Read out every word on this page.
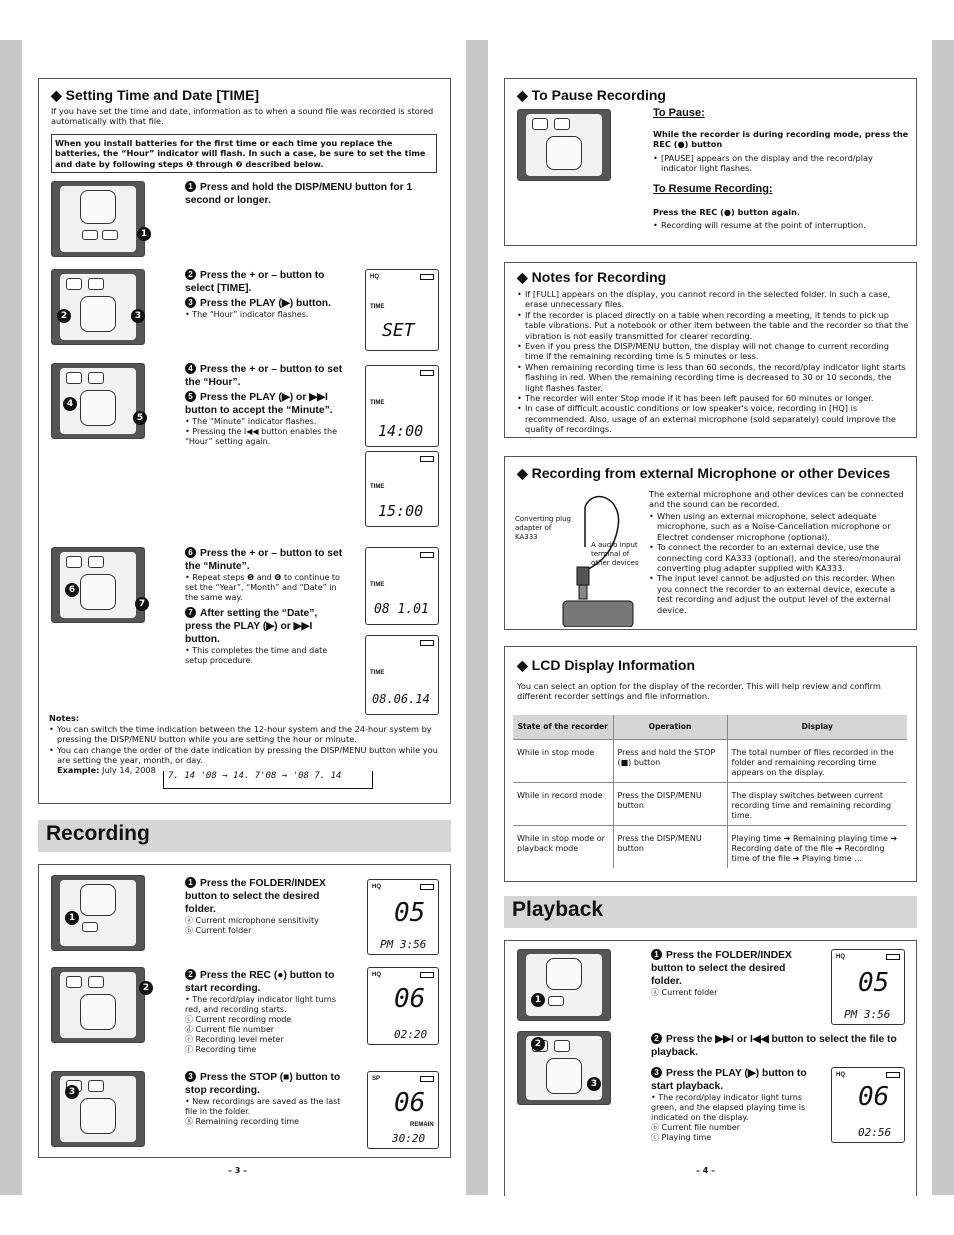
◆ Setting Time and Date [TIME]
If you have set the time and date, information as to when a sound file was recorded is stored automatically with that file.
When you install batteries for the first time or each time you replace the batteries, the “Hour” indicator will flash. In such a case, be sure to set the time and date by following steps ❶ through ❼ described below.
1
1 Press and hold the DISP/MENU button for 1 second or longer.
2	3
2 Press the + or – button to select [TIME].
3 Press the PLAY (▶) button.
• The “Hour” indicator flashes.
HQ
TIME
SET
4
5
4 Press the + or – button to set the “Hour”.
5 Press the PLAY (▶) or ▶▶I button to accept the “Minute”.
• The “Minute” indicator flashes.
• Pressing the I◀◀ button enables the “Hour” setting again.
TIME
14:00
TIME
15:00
6
7
6 Press the + or – button to set the “Minute”.
• Repeat steps ❺ and ❻ to continue to set the “Year”, “Month” and “Date” in the same way.
7 After setting the “Date”, press the PLAY (▶) or ▶▶I button.
• This completes the time and date setup procedure.
TIME
08 1.01
TIME
08.06.14
Notes:
• You can switch the time indication between the 12-hour system and the 24-hour system by pressing the DISP/MENU button while you are setting the hour or minute.
• You can change the order of the date indication by pressing the DISP/MENU button while you are setting the year, month, or day.
Example: July 14, 2008
7. 14 '08 → 14. 7'08 → '08 7. 14
Recording
1
1 Press the FOLDER/INDEX button to select the desired folder.
ⓐ Current microphone sensitivity
ⓑ Current folder
HQ
05
PM 3:56
2
2 Press the REC (●) button to start recording.
• The record/play indicator light turns red, and recording starts.
ⓒ Current recording mode
ⓓ Current file number
ⓔ Recording level meter
ⓕ Recording time
HQ
06
02:20
3
3 Press the STOP (■) button to stop recording.
• New recordings are saved as the last file in the folder.
ⓖ Remaining recording time
SP
06
REMAIN
30:20
– 3 –
◆ To Pause Recording
To Pause:
While the recorder is during recording mode, press the REC (●) button
• [PAUSE] appears on the display and the record/play indicator light flashes.
To Resume Recording:
Press the REC (●) button again.
• Recording will resume at the point of interruption.
◆ Notes for Recording
• If [FULL] appears on the display, you cannot record in the selected folder. In such a case, erase unnecessary files.
• If the recorder is placed directly on a table when recording a meeting, it tends to pick up table vibrations. Put a notebook or other item between the table and the recorder so that the vibration is not easily transmitted for clearer recording.
• Even if you press the DISP/MENU button, the display will not change to current recording time if the remaining recording time is 5 minutes or less.
• When remaining recording time is less than 60 seconds, the record/play indicator light starts flashing in red. When the remaining recording time is decreased to 30 or 10 seconds, the light flashes faster.
• The recorder will enter Stop mode if it has been left paused for 60 minutes or longer.
• In case of difficult acoustic conditions or low speaker's voice, recording in [HQ] is recommended. Also, usage of an external microphone (sold separately) could improve the quality of recordings.
◆ Recording from external Microphone or other Devices
Converting plug adapter of KA333
A audio input terminal of other devices
The external microphone and other devices can be connected and the sound can be recorded.
• When using an external microphone, select adequate microphone, such as a Noise-Cancellation microphone or Electret condenser microphone (optional).
• To connect the recorder to an external device, use the connecting cord KA333 (optional), and the stereo/monaural converting plug adapter supplied with KA333.
• The input level cannot be adjusted on this recorder. When you connect the recorder to an external device, execute a test recording and adjust the output level of the external device.
◆ LCD Display Information
You can select an option for the display of the recorder. This will help review and confirm different recorder settings and file information.
State of the recorder	Operation	Display
While in stop mode	Press and hold the STOP (■) button	The total number of files recorded in the folder and remaining recording time appears on the display.
While in record mode	Press the DISP/MENU button	The display switches between current recording time and remaining recording time.
While in stop mode or playback mode	Press the DISP/MENU button	Playing time ➔ Remaining playing time ➔ Recording date of the file ➔ Recording time of the file ➔ Playing time …
Playback
1
1 Press the FOLDER/INDEX button to select the desired folder.
ⓐ Current folder
HQ
05
PM 3:56
2
3
2 Press the ▶▶I or I◀◀ button to select the file to playback.
3 Press the PLAY (▶) button to start playback.
• The record/play indicator light turns green, and the elapsed playing time is indicated on the display.
ⓑ Current file number
ⓒ Playing time
HQ
06
02:56
– 4 –
